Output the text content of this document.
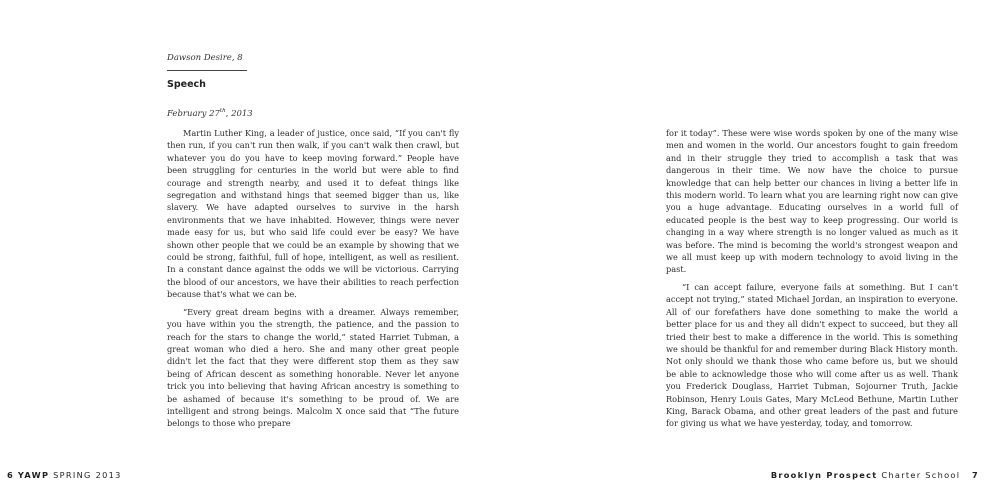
Dawson Desire, 8
Speech
February 27th, 2013

Martin Luther King, a leader of justice, once said, “If you can't fly then run, if you can't run then walk, if you can't walk then crawl, but whatever you do you have to keep moving forward.” People have been struggling for centuries in the world but were able to find courage and strength nearby, and used it to defeat things like segregation and withstand hings that seemed bigger than us, like slavery. We have adapted ourselves to survive in the harsh environments that we have inhabited. However, things were never made easy for us, but who said life could ever be easy? We have shown other people that we could be an example by showing that we could be strong, faithful, full of hope, intelligent, as well as resilient. In a constant dance against the odds we will be victorious. Carrying the blood of our ancestors, we have their abilities to reach perfection because that's what we can be.

“Every great dream begins with a dreamer. Always remember, you have within you the strength, the patience, and the passion to reach for the stars to change the world,” stated Harriet Tubman, a great woman who died a hero. She and many other great people didn't let the fact that they were different stop them as they saw being of African descent as something honorable. Never let anyone trick you into believing that having African ancestry is something to be ashamed of because it's something to be proud of. We are intelligent and strong beings. Malcolm X once said that “The future belongs to those who prepare

6 YAWP SPRING 2013

for it today”. These were wise words spoken by one of the many wise men and women in the world. Our ancestors fought to gain freedom and in their struggle they tried to accomplish a task that was dangerous in their time. We now have the choice to pursue knowledge that can help better our chances in living a better life in this modern world. To learn what you are learning right now can give you a huge advantage. Educating ourselves in a world full of educated people is the best way to keep progressing. Our world is changing in a way where strength is no longer valued as much as it was before. The mind is becoming the world's strongest weapon and we all must keep up with modern technology to avoid living in the past.

“I can accept failure, everyone fails at something. But I can't accept not trying,” stated Michael Jordan, an inspiration to everyone. All of our forefathers have done something to make the world a better place for us and they all didn't expect to succeed, but they all tried their best to make a difference in the world. This is something we should be thankful for and remember during Black History month. Not only should we thank those who came before us, but we should be able to acknowledge those who will come after us as well. Thank you Frederick Douglass, Harriet Tubman, Sojourner Truth, Jackie Robinson, Henry Louis Gates, Mary McLeod Bethune, Martin Luther King, Barack Obama, and other great leaders of the past and future for giving us what we have yesterday, today, and tomorrow.

Brooklyn Prospect Charter School 7
